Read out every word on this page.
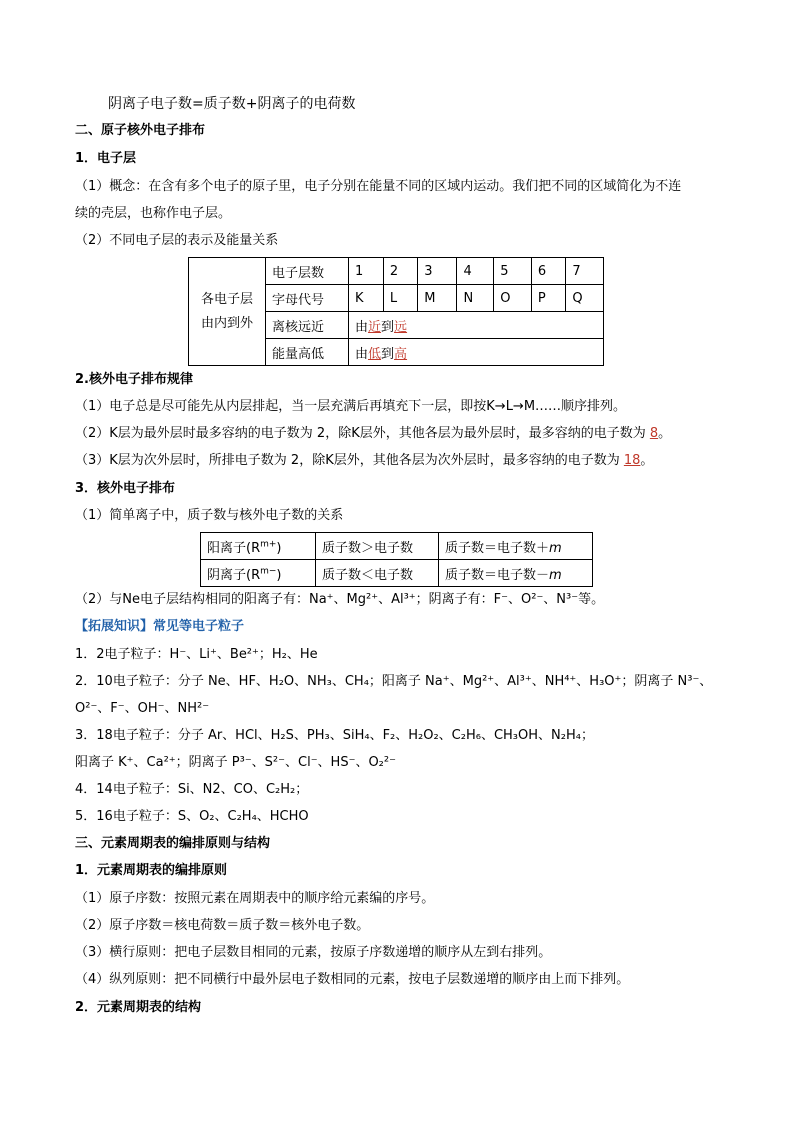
阴离子电子数=质子数+阴离子的电荷数
二、原子核外电子排布
1．电子层
（1）概念：在含有多个电子的原子里，电子分别在能量不同的区域内运动。我们把不同的区域简化为不连
续的壳层，也称作电子层。
（2）不同电子层的表示及能量关系
各电子层
由内到外	电子层数	1	2	3	4	5	6	7
	字母代号	K	L	M	N	O	P	Q
	离核远近	由近到远						
	能量高低	由低到高						
2.核外电子排布规律
（1）电子总是尽可能先从内层排起，当一层充满后再填充下一层，即按K→L→M……顺序排列。
（2）K层为最外层时最多容纳的电子数为 2，除K层外，其他各层为最外层时，最多容纳的电子数为 8。
（3）K层为次外层时，所排电子数为 2，除K层外，其他各层为次外层时，最多容纳的电子数为 18。
3．核外电子排布
（1）简单离子中，质子数与核外电子数的关系
阳离子$(R^{m+})$	质子数＞电子数	质子数＝电子数＋m
阴离子$(R^{m-})$	质子数＜电子数	质子数＝电子数－m
（2）与Ne电子层结构相同的阳离子有：Na⁺、Mg²⁺、Al³⁺；阴离子有：F⁻、O²⁻、N³⁻等。
【拓展知识】常见等电子粒子
1．2电子粒子：H⁻、Li⁺、Be²⁺；H₂、He
2．10电子粒子：分子 Ne、HF、H₂O、NH₃、CH₄；阳离子 Na⁺、Mg²⁺、Al³⁺、NH⁴⁺、H₃O⁺；阴离子 N³⁻、
O²⁻、F⁻、OH⁻、NH²⁻
3．18电子粒子：分子 Ar、HCl、H₂S、PH₃、SiH₄、F₂、H₂O₂、C₂H₆、CH₃OH、N₂H₄；
阳离子 K⁺、Ca²⁺；阴离子 P³⁻、S²⁻、Cl⁻、HS⁻、O₂²⁻
4．14电子粒子：Si、N2、CO、C₂H₂；
5．16电子粒子：S、O₂、C₂H₄、HCHO
三、元素周期表的编排原则与结构
1．元素周期表的编排原则
（1）原子序数：按照元素在周期表中的顺序给元素编的序号。
（2）原子序数＝核电荷数＝质子数＝核外电子数。
（3）横行原则：把电子层数目相同的元素，按原子序数递增的顺序从左到右排列。
（4）纵列原则：把不同横行中最外层电子数相同的元素，按电子层数递增的顺序由上而下排列。
2．元素周期表的结构
